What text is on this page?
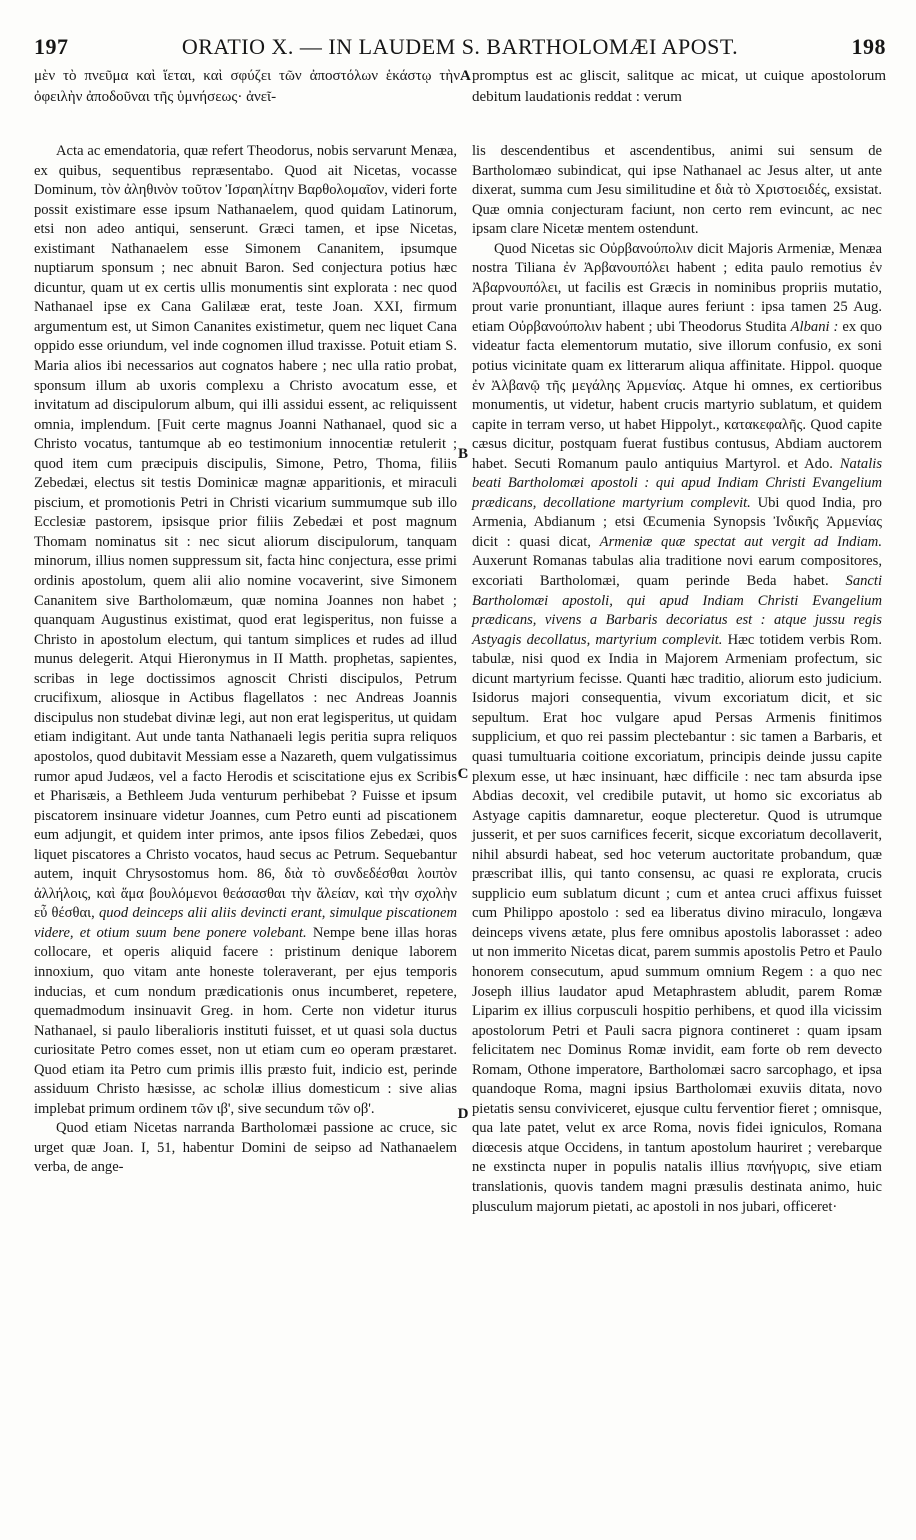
197	ORATIO X. — IN LAUDEM S. BARTHOLOMÆI APOST.	198
μὲν τὸ πνεῦμα καὶ ἵεται, καὶ σφύζει τῶν ἀποστόλων ἑκάστῳ τὴν ὀφειλὴν ἀποδοῦναι τῆς ὑμνήσεως· ἀνεῖ-
A promptus est ac gliscit, salitque ac micat, ut cuique apostolorum debitum laudationis reddat : verum

Acta ac emendatoria, quæ refert Theodorus, nobis servarunt Menæa, ex quibus, sequentibus repræsentabo. Quod ait Nicetas, vocasse Dominum, τὸν ἀληθινὸν τοῦτον Ἰσραηλίτην Βαρθολομαῖον, videri forte possit existimare esse ipsum Nathanaelem, quod quidam Latinorum, etsi non adeo antiqui, senserunt. Græci tamen, et ipse Nicetas, existimant Nathanaelem esse Simonem Cananitem, ipsumque nuptiarum sponsum ; nec abnuit Baron. Sed conjectura potius hæc dicuntur, quam ut ex certis ullis monumentis sint explorata : nec quod Nathanael ipse ex Cana Galilææ erat, teste Joan. XXI, firmum argumentum est, ut Simon Cananites existimetur, quem nec liquet Cana oppido esse oriundum, vel inde cognomen illud traxisse. Potuit etiam S. Maria alios ibi necessarios aut cognatos habere ; nec ulla ratio probat, sponsum illum ab uxoris complexu a Christo avocatum esse, et invitatum ad discipulorum album, qui illi assidui essent, ac reliquissent omnia, implendum. [Fuit certe magnus Joanni Nathanael, quod sic a Christo vocatus, tantumque ab eo testimonium innocentiæ retulerit ; quod item cum præcipuis discipulis, Simone, Petro, Thoma, filiis Zebedæi, electus sit testis Dominicæ magnæ apparitionis, et miraculi piscium, et promotionis Petri in Christi vicarium summumque sub illo Ecclesiæ pastorem, ipsisque prior filiis Zebedæi et post magnum Thomam nominatus sit : nec sicut aliorum discipulorum, tanquam minorum, illius nomen suppressum sit, facta hinc conjectura, esse primi ordinis apostolum, quem alii alio nomine vocaverint, sive Simonem Cananitem sive Bartholomæum, quæ nomina Joannes non habet ; quanquam Augustinus existimat, quod erat legisperitus, non fuisse a Christo in apostolum electum, qui tantum simplices et rudes ad illud munus delegerit. Atqui Hieronymus in II Matth. prophetas, sapientes, scribas in lege doctissimos agnoscit Christi discipulos, Petrum crucifixum, aliosque in Actibus flagellatos : nec Andreas Joannis discipulus non studebat divinæ legi, aut non erat legisperitus, ut quidam etiam indigitant. Aut unde tanta Nathanaeli legis peritia supra reliquos apostolos, quod dubitavit Messiam esse a Nazareth, quem vulgatissimus rumor apud Judæos, vel a facto Herodis et sciscitatione ejus ex Scribis et Pharisæis, a Bethleem Juda venturum perhibebat ? Fuisse et ipsum piscatorem insinuare videtur Joannes, cum Petro eunti ad piscationem eum adjungit, et quidem inter primos, ante ipsos filios Zebedæi, quos liquet piscatores a Christo vocatos, haud secus ac Petrum. Sequebantur autem, inquit Chrysostomus hom. 86, διὰ τὸ συνδεδέσθαι λοιπὸν ἀλλήλοις, καὶ ἅμα βουλόμενοι θεάσασθαι τὴν ἄλείαν, καὶ τὴν σχολὴν εὖ θέσθαι, quod deinceps alii aliis devincti erant, simulque piscationem videre, et otium suum bene ponere volebant. Nempe bene illas horas collocare, et operis aliquid facere : pristinum denique laborem innoxium, quo vitam ante honeste toleraverant, per ejus temporis inducias, et cum nondum prædicationis onus incumberet, repetere, quemadmodum insinuavit Greg. in hom. Certe non videtur iturus Nathanael, si paulo liberalioris instituti fuisset, et ut quasi sola ductus curiositate Petro comes esset, non ut etiam cum eo operam præstaret. Quod etiam ita Petro cum primis illis præsto fuit, indicio est, perinde assiduum Christo hæsisse, ac scholæ illius domesticum : sive alias implebat primum ordinem τῶν ιβ', sive secundum τῶν οβ'.

Quod etiam Nicetas narranda Bartholomæi passione ac cruce, sic urget quæ Joan. I, 51, habentur Domini de seipso ad Nathanaelem verba, de ange-

B
C
D

lis descendentibus et ascendentibus, animi sui sensum de Bartholomæo subindicat, qui ipse Nathanael ac Jesus alter, ut ante dixerat, summa cum Jesu similitudine et διὰ τὸ Χριστοειδές, exsistat. Quæ omnia conjecturam faciunt, non certo rem evincunt, ac nec ipsam clare Nicetæ mentem ostendunt.

Quod Nicetas sic Οὐρβανούπολιν dicit Majoris Armeniæ, Menæa nostra Tiliana ἐν Ἀρβανουπόλει habent ; edita paulo remotius ἐν Ἀβαρνουπόλει, ut facilis est Græcis in nominibus propriis mutatio, prout varie pronuntiant, illaque aures feriunt : ipsa tamen 25 Aug. etiam Οὐρβανούπολιν habent ; ubi Theodorus Studita Albani : ex quo videatur facta elementorum mutatio, sive illorum confusio, ex soni potius vicinitate quam ex litterarum aliqua affinitate. Hippol. quoque ἐν Ἀλβανῷ τῆς μεγάλης Ἀρμενίας. Atque hi omnes, ex certioribus monumentis, ut videtur, habent crucis martyrio sublatum, et quidem capite in terram verso, ut habet Hippolyt., κατακεφαλῆς. Quod capite cæsus dicitur, postquam fuerat fustibus contusus, Abdiam auctorem habet. Secuti Romanum paulo antiquius Martyrol. et Ado. Natalis beati Bartholomæi apostoli : qui apud Indiam Christi Evangelium prædicans, decollatione martyrium complevit. Ubi quod India, pro Armenia, Abdianum ; etsi Œcumenia Synopsis Ἰνδικῆς Ἀρμενίας dicit : quasi dicat, Armeniæ quæ spectat aut vergit ad Indiam. Auxerunt Romanas tabulas alia traditione novi earum compositores, excoriati Bartholomæi, quam perinde Beda habet. Sancti Bartholomæi apostoli, qui apud Indiam Christi Evangelium prædicans, vivens a Barbaris decoriatus est : atque jussu regis Astyagis decollatus, martyrium complevit. Hæc totidem verbis Rom. tabulæ, nisi quod ex India in Majorem Armeniam profectum, sic dicunt martyrium fecisse. Quanti hæc traditio, aliorum esto judicium. Isidorus majori consequentia, vivum excoriatum dicit, et sic sepultum. Erat hoc vulgare apud Persas Armenis finitimos supplicium, et quo rei passim plectebantur : sic tamen a Barbaris, et quasi tumultuaria coitione excoriatum, principis deinde jussu capite plexum esse, ut hæc insinuant, hæc difficile : nec tam absurda ipse Abdias decoxit, vel credibile putavit, ut homo sic excoriatus ab Astyage capitis damnaretur, eoque plecteretur. Quod is utrumque jusserit, et per suos carnifices fecerit, sicque excoriatum decollaverit, nihil absurdi habeat, sed hoc veterum auctoritate probandum, quæ præscribat illis, qui tanto consensu, ac quasi re explorata, crucis supplicio eum sublatum dicunt ; cum et antea cruci affixus fuisset cum Philippo apostolo : sed ea liberatus divino miraculo, longæva deinceps vivens ætate, plus fere omnibus apostolis laborasset : adeo ut non immerito Nicetas dicat, parem summis apostolis Petro et Paulo honorem consecutum, apud summum omnium Regem : a quo nec Joseph illius laudator apud Metaphrastem abludit, parem Romæ Liparim ex illius corpusculi hospitio perhibens, et quod illa vicissim apostolorum Petri et Pauli sacra pignora contineret : quam ipsam felicitatem nec Dominus Romæ invidit, eam forte ob rem devecto Romam, Othone imperatore, Bartholomæi sacro sarcophago, et ipsa quandoque Roma, magni ipsius Bartholomæi exuviis ditata, novo pietatis sensu conviviceret, ejusque cultu ferventior fieret ; omnisque, qua late patet, velut ex arce Roma, novis fidei igniculos, Romana diœcesis atque Occidens, in tantum apostolum hauriret ; verebarque ne exstincta nuper in populis natalis illius πανήγυρις, sive etiam translationis, quovis tandem magni præsulis destinata animo, huic plusculum majorum pietati, ac apostoli in nos jubari, officeret·
